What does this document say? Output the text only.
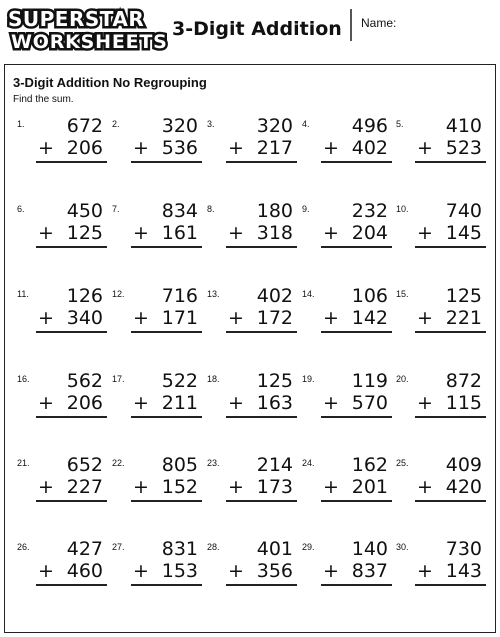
SUPERSTAR
WORKSHEETS
3-Digit Addition Name:
3-Digit Addition No Regrouping
Find the sum.
1. 672
+ 206
2. 320
+ 536
3. 320
+ 217
4. 496
+ 402
5. 410
+ 523
6. 450
+ 125
7. 834
+ 161
8. 180
+ 318
9. 232
+ 204
10. 740
+ 145
11. 126
+ 340
12. 716
+ 171
13. 402
+ 172
14. 106
+ 142
15. 125
+ 221
16. 562
+ 206
17. 522
+ 211
18. 125
+ 163
19. 119
+ 570
20. 872
+ 115
21. 652
+ 227
22. 805
+ 152
23. 214
+ 173
24. 162
+ 201
25. 409
+ 420
26. 427
+ 460
27. 831
+ 153
28. 401
+ 356
29. 140
+ 837
30. 730
+ 143
